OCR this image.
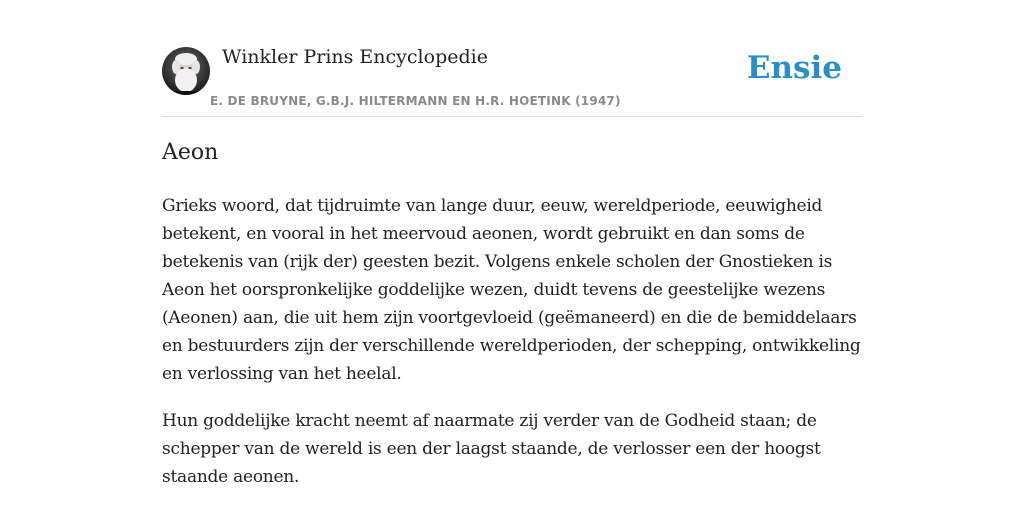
Winkler Prins Encyclopedie
E. DE BRUYNE, G.B.J. HILTERMANN EN H.R. HOETINK (1947)
Ensie
Aeon

Grieks woord, dat tijdruimte van lange duur, eeuw, wereldperiode, eeuwigheid betekent, en vooral in het meervoud aeonen, wordt gebruikt en dan soms de betekenis van (rijk der) geesten bezit. Volgens enkele scholen der Gnostieken is Aeon het oorspronkelijke goddelijke wezen, duidt tevens de geestelijke wezens (Aeonen) aan, die uit hem zijn voortgevloeid (geëmaneerd) en die de bemiddelaars en bestuurders zijn der verschillende wereldperioden, der schepping, ontwikkeling en verlossing van het heelal.

Hun goddelijke kracht neemt af naarmate zij verder van de Godheid staan; de schepper van de wereld is een der laagst staande, de verlosser een der hoogst staande aeonen.
